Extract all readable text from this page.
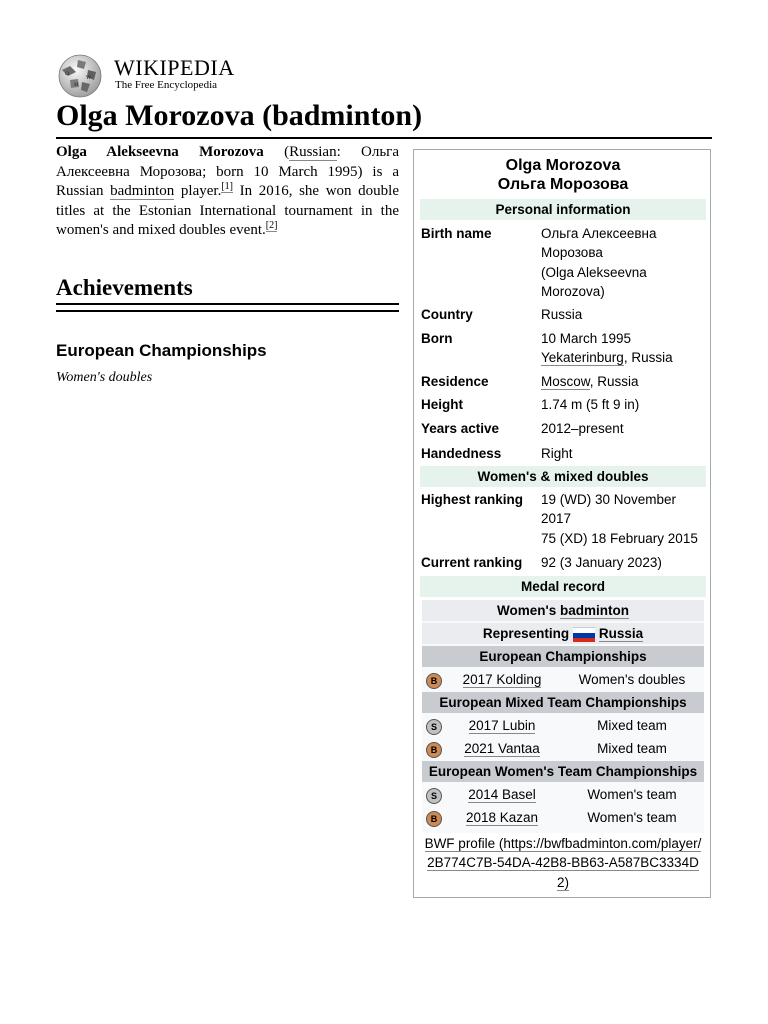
Ω
W
И
WIKIPEDIA
The Free Encyclopedia
Olga Morozova (badminton)

Olga Alekseevna Morozova (Russian: Ольга Алексеевна Морозова; born 10 March 1995) is a Russian badminton player.[1] In 2016, she won double titles at the Estonian International tournament in the women's and mixed doubles event.[2]

Achievements
European Championships
Women's doubles
Olga Morozova
Ольга Морозова
Personal information
Birth name	Ольга Алексеевна
Морозова
(Olga Alekseevna
Morozova)
Country	Russia
Born	10 March 1995
Yekaterinburg, Russia
Residence	Moscow, Russia
Height	1.74 m (5 ft 9 in)
Years active	2012–present
Handedness	Right
Women's & mixed doubles
Highest ranking	19 (WD) 30 November
2017
75 (XD) 18 February 2015
Current ranking	92 (3 January 2023)
Medal record
Women's badminton
Representing
Russia
European Championships
B	2017 Kolding	Women's doubles
European Mixed Team Championships
S	2017 Lubin	Mixed team
B	2021 Vantaa	Mixed team
European Women's Team Championships
S	2014 Basel	Women's team
B	2018 Kazan	Women's team
BWF profile (https://bwfbadminton.com/player/
2B774C7B-54DA-42B8-BB63-A587BC3334D
2)
